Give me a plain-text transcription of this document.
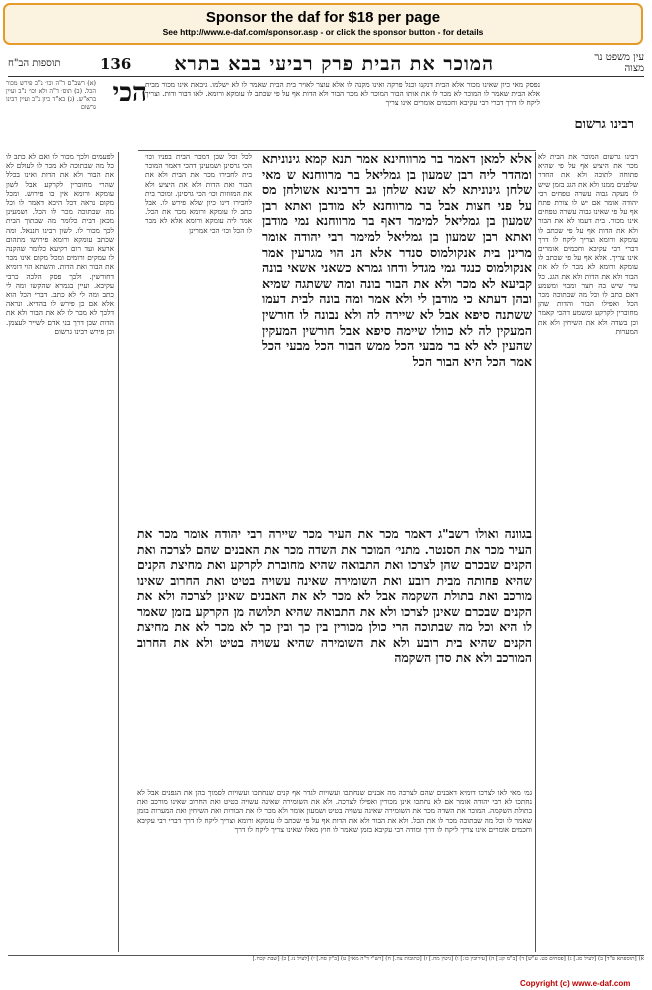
Sponsor the daf for $18 per page
See http://www.e-daf.com/sponsor.asp - or click the sponsor button - for details
עין משפט נר מצוה
המוכר את הבית פרק רביעי בבא בתרא
136
תוספות הב"ח
הכי
נפסק מאי כיון שאינו מכור אלא הבית דנקנו וכנל פרקה ואינו מקנה לו אלא עוצר לאויר בית הבית שאמר לו לא ישלמו. גיבאת אינו מכור מבית אלא הבית שאמר לו המוכר לא מכר לו את אותו הבור המוכר לא מכר הבור ולא הדות אף על פי שכתב לו עומקא ורומא. לאו דבור ודות. וצריך ליקח לו דרך דברי רבי עקיבא וחכמים אומרים אינו צריך
לכל וכל שכן דמכר הבית בפניו וכו׳ הכי גרסינן ושמעינן דהכי דאמר המוכר בית לחבירו מכר את הבית ולא את הבור ואת הדות ולא את היציע ולא את המזוזות וכו׳ הכי גרסינן. ומוכר בית לחבירו דינו כיון שלא פירש לו. אבל כתב לו עומקא ורומא מכר את הכל. אמר ליה עומקא ורומא אלא לא מכר לו הכל וכו׳ הכי אמרינן
אלא למאן דאמר בר מרווחינא אמר תנא קמא גינוניתא ומהדר ליה רבן שמעון בן גמליאל בר מרווחנא ש מאי שלחן גינוניתא לא שנא שלחן גב דרבינא אשולחן מס על פני חצות אבל בר מרווחנא לא מודבן ואתא רבן שמעון בן גמליאל למימר דאף בר מרווחנא נמי מודבן ואתא רבן שמעון בן גמליאל למימר רבי יהודה אומר מרינן בית אנקולמוס סנדר אלא הנ הוי מגרעין אמר אנקולמוס כנגד גמי מגדל ודחו גמרא כשאני אשאי בונה קביעא לא מכר ולא את הבור בונה ומה ששתגה שמיא ובהן דעתא כי מודבן לי ולא אמר ומה בונה לבית דעמו ששתנה סיפא אבל לא שיירה לה ולא נבונה לו חורשין המעקין לה לא כוולו שיימה סיפא אבל חורשין המעקין שהעין לא לא בר מבעי הכל ממש הבור הכל מבעי הכל אמר הכל היא הבור הכל
רבינו גרשום
רבינו גרשום המוכר את הבית לא מכר את היציע אף על פי שהיא פתוחה לתוכה ולא את החדר שלפנים ממנו ולא את הגג בזמן שיש לו מעקה גבוה עשרה טפחים רבי יהודה אומר אם יש לו צורת פתח אף על פי שאינו גבוה עשרה טפחים אינו מכור. בית דעמו לא את הבור ולא את הדות אף על פי שכתב לו עומקא ורומא וצריך ליקח לו דרך דברי רבי עקיבא וחכמים אומרים אינו צריך. אלא אף על פי שכתב לו עומקא ורומא לא מכר לו לא את הבור ולא את הדות ולא את הגג. כל עיר שיש בה חצר ומבוי ומשמע דאם כתב לו וכל מה שבתוכה מכר הכל ואפילו הבור והדות שהן מחוברין לקרקע ומשמע דהכי קאמר וכן בשדה ולא את השיחין ולא את המערות
(א) רשב"ם ד"ה וכו׳ נ"ב פירש מכור הכל. (ב) תוס׳ ד"ה ולא וכו׳ נ"ב ועיין ברא"ש. (ג) בא"ד כיון נ"ב ועיין רבינו גרשום
לפעמים ולכך מכור לו ואם לא כתב לו כל מה שבתוכה לא מכר לו לעולם לא את הבור ולא את הדות ואינו בכלל שהרי מחוברין לקרקע אבל לשון עומקא ורומא אין בו פירוש. ומכל מקום נראה דכל היכא דאמר לו וכל מה שבתוכה מכר לו הכל. ושמעינן מכאן דבית כלומר מה שבתוך הבית לכך מכור לו. לשון רבינו חננאל. ומה שכתב עומקא ורומא פירושו מתהום ארעא ועד רום רקיעא כלומר שהקנה לו עמקים ורומים ומכל מקום אינו מכר את הבור ואת הדות. והשתא הוי דומיא דחורשין. ולכך פסק הלכה כרבי עקיבא. ועיין בגמרא שהקשו ומה לי כתב ומה לי לא כתב. דברי הכל הוא אלא אם כן פירש לו בהדיא. ונראה דלכך לא מכר לו לא את הבור ולא את הדות שכן דרך בני אדם לשייר לעצמן. וכן פירש רבינו גרשום
בגוונה ואולו רשב"ג דאמר מכר את העיר מכר שיירה רבי יהודה אומר מכר את העיר מכר את הסנטר. מתני׳ המוכר את השדה מכר את האבנים שהם לצרכה ואת הקנים שבכרם שהן לצרכו ואת התבואה שהיא מחוברת לקרקע ואת מחיצת הקנים שהיא פחותה מבית רובע ואת השומירה שאינה עשויה בטיט ואת החרוב שאינו מורכב ואת בתולת השקמה אבל לא מכר לא את האבנים שאינן לצרכה ולא את הקנים שבכרם שאינן לצרכו ולא את התבואה שהיא תלושה מן הקרקע בזמן שאמר לו היא וכל מה שבתוכה הרי כולן מכורין בין כך ובין כך לא מכר לא את מחיצת הקנים שהיא בית רובע ולא את השומירה שהיא עשויה בטיט ולא את החרוב המורכב ולא את סדן השקמה
גמ׳ מאי לאו לצרכו דומיא דאבנים שהם לצרכה מה אבנים שנחתכו ועשויות לגדר אף קנים שנחתכו ועשויות לסמוך בהן את הגפנים אבל לא נחתכו לא רבי יהודה אומר אם לא נחתכו אינן מכורין ואפילו לצרכה. ולא את השומירה שאינה עשויה בטיט ואת החרוב שאינו מורכב ואת בתולת השקמה. המוכר את השדה מכר את השומירה שאינה עשויה בטיט ושמעון אומר ולא מכר לו את הבורות ואת השיחין ואת המערות בזמן שאמר לו וכל מה שבתוכה מכר לו את הכל. ולא את הבור ולא את הדות אף על פי שכתב לו עומקא ורומא וצריך ליקח לו דרך דברי רבי עקיבא וחכמים אומרים אינו צריך ליקח לו דרך ומודה רבי עקיבא בזמן שאמר לו חוץ מאלו שאינו צריך ליקח לו דרך
א) [תוספתא פ"ד] ב) [לעיל סג.] ג) [פסחים כט. ע"ש] ד) [ב"מ קג:] ה) [עירובין כז:] ו) [גיטין מח.] ז) [כתובות צה.] ח) [רש"י ד"ה מאי] ט) [ב"ק סח.] י) [לעיל נז.] כ) [שבת קכח.]
Copyright (c) www.e-daf.com
